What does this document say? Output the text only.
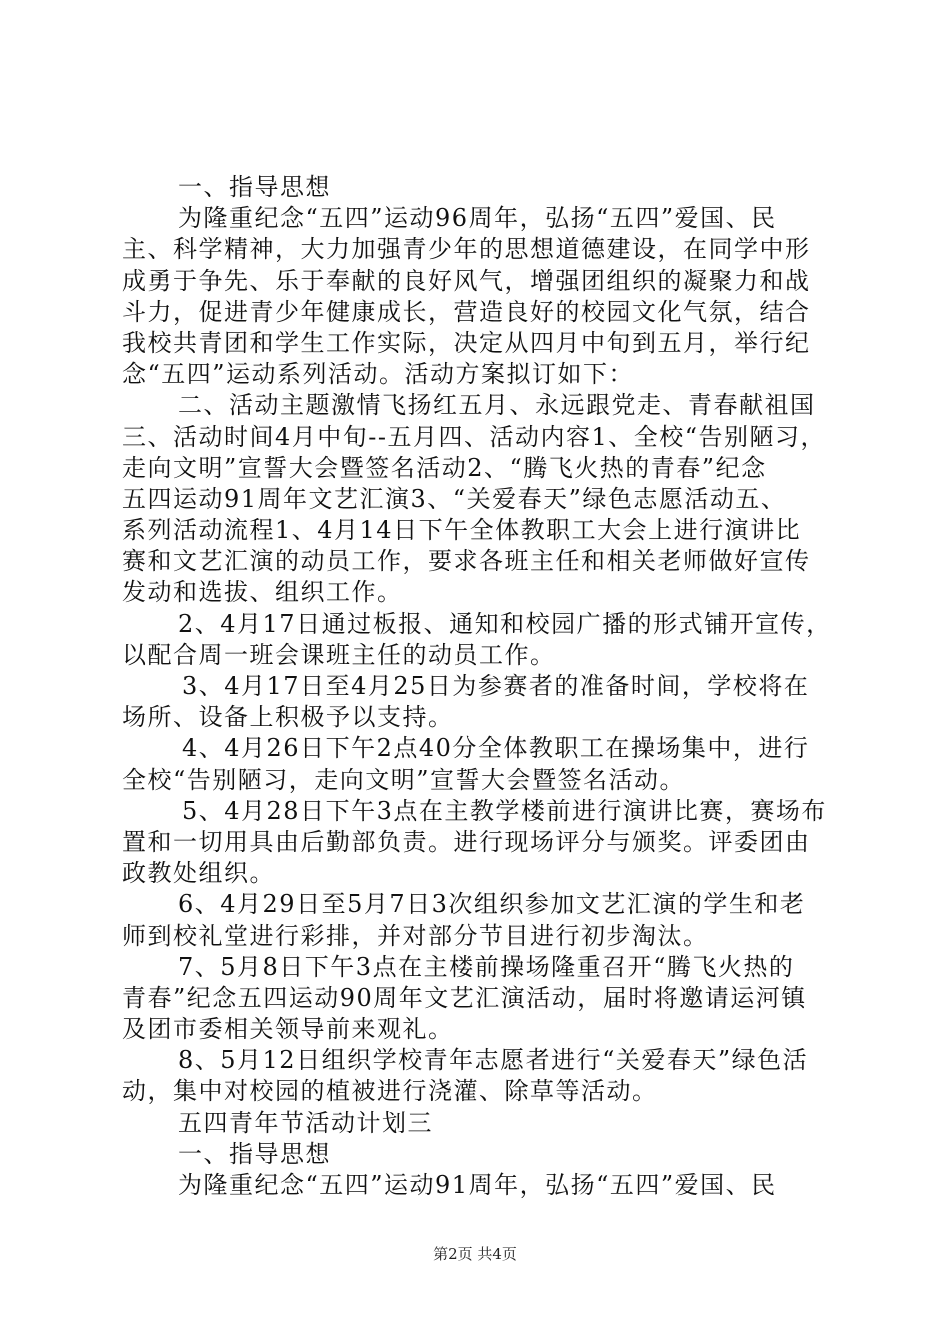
一、指导思想
为隆重纪念“五四”运动96周年，弘扬“五四”爱国、民
主、科学精神，大力加强青少年的思想道德建设，在同学中形
成勇于争先、乐于奉献的良好风气，增强团组织的凝聚力和战
斗力，促进青少年健康成长，营造良好的校园文化气氛，结合
我校共青团和学生工作实际，决定从四月中旬到五月，举行纪
念“五四”运动系列活动。活动方案拟订如下：
二、活动主题激情飞扬红五月、永远跟党走、青春献祖国
三、活动时间4月中旬--五月四、活动内容1、全校“告别陋习，
走向文明”宣誓大会暨签名活动2、“腾飞火热的青春”纪念
五四运动91周年文艺汇演3、“关爱春天”绿色志愿活动五、
系列活动流程1、4月14日下午全体教职工大会上进行演讲比
赛和文艺汇演的动员工作，要求各班主任和相关老师做好宣传
发动和选拔、组织工作。
2、4月17日通过板报、通知和校园广播的形式铺开宣传，
以配合周一班会课班主任的动员工作。
3、4月17日至4月25日为参赛者的准备时间，学校将在
场所、设备上积极予以支持。
4、4月26日下午2点40分全体教职工在操场集中，进行
全校“告别陋习，走向文明”宣誓大会暨签名活动。
5、4月28日下午3点在主教学楼前进行演讲比赛，赛场布
置和一切用具由后勤部负责。进行现场评分与颁奖。评委团由
政教处组织。
6、4月29日至5月7日3次组织参加文艺汇演的学生和老
师到校礼堂进行彩排，并对部分节目进行初步淘汰。
7、5月8日下午3点在主楼前操场隆重召开“腾飞火热的
青春”纪念五四运动90周年文艺汇演活动，届时将邀请运河镇
及团市委相关领导前来观礼。
8、5月12日组织学校青年志愿者进行“关爱春天”绿色活
动，集中对校园的植被进行浇灌、除草等活动。
五四青年节活动计划三
一、指导思想
为隆重纪念“五四”运动91周年，弘扬“五四”爱国、民
第2页 共4页
